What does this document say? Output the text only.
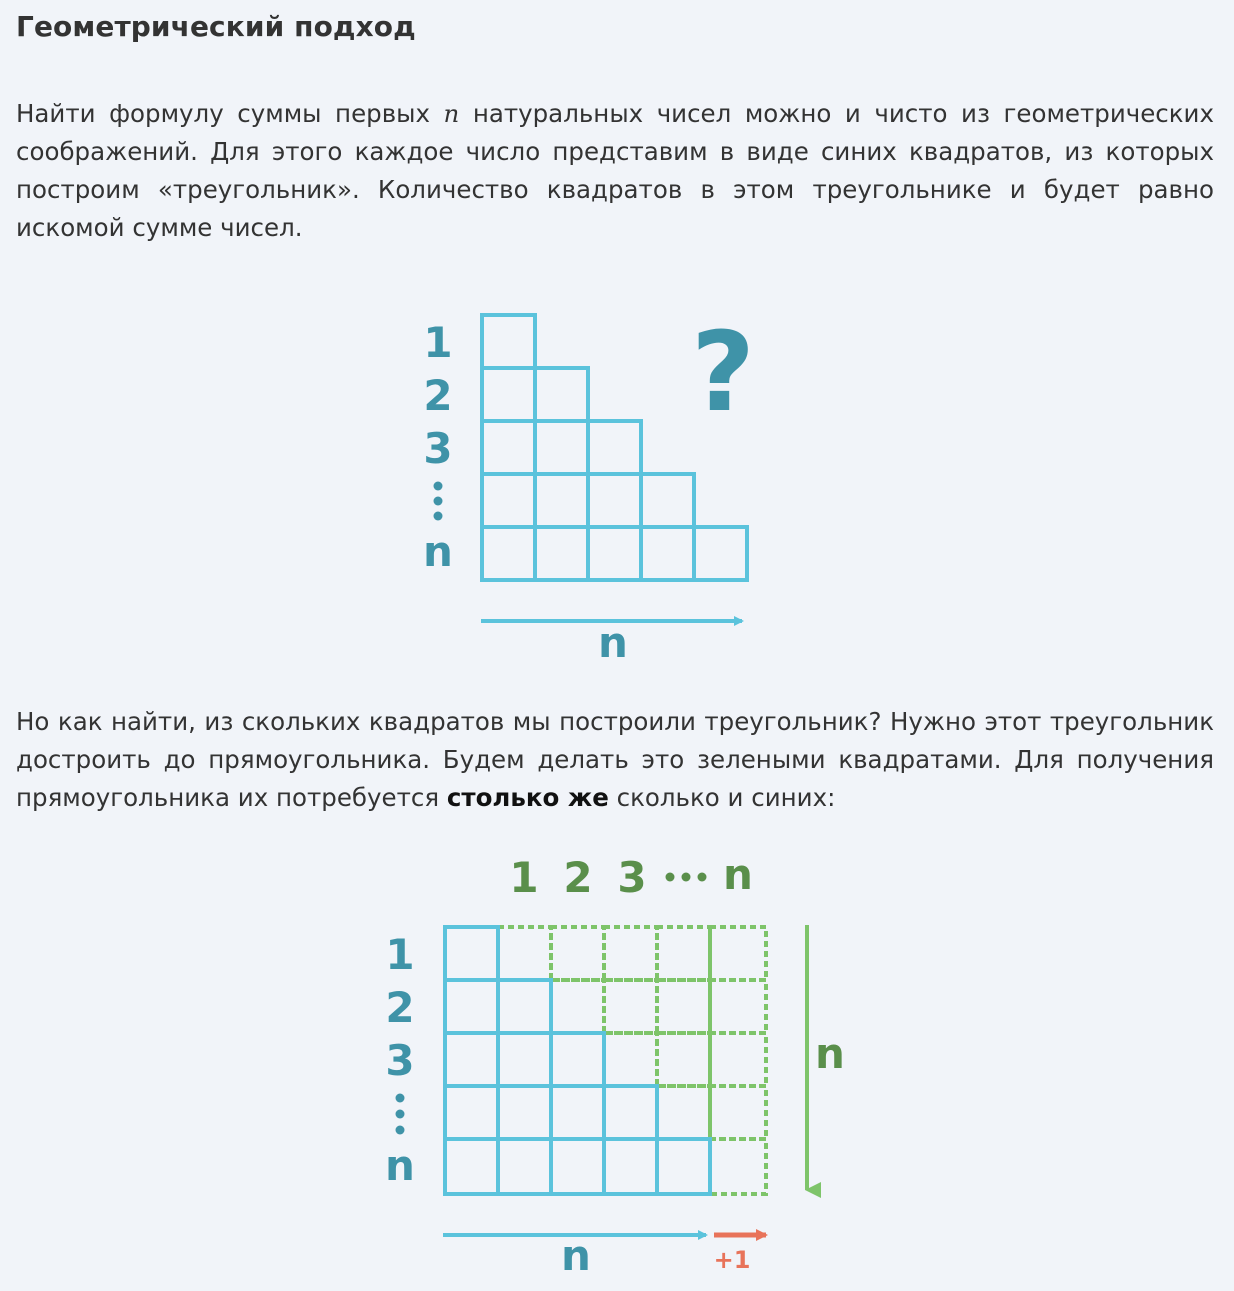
Геометрический подход

Найти формулу суммы первых n натуральных чисел можно и чисто из геометрических соображений. Для этого каждое число представим в виде синих квадратов, из которых построим «треугольник». Количество квадратов в этом треугольнике и будет равно искомой сумме чисел.

1
2
3
n
?
n

Но как найти, из скольких квадратов мы построили треугольник? Нужно этот треугольник достроить до прямоугольника. Будем делать это зелеными квадратами. Для получения прямоугольника их потребуется столько же сколько и синих:

1 2 3 n
1
2
3
n
n
n	+1
